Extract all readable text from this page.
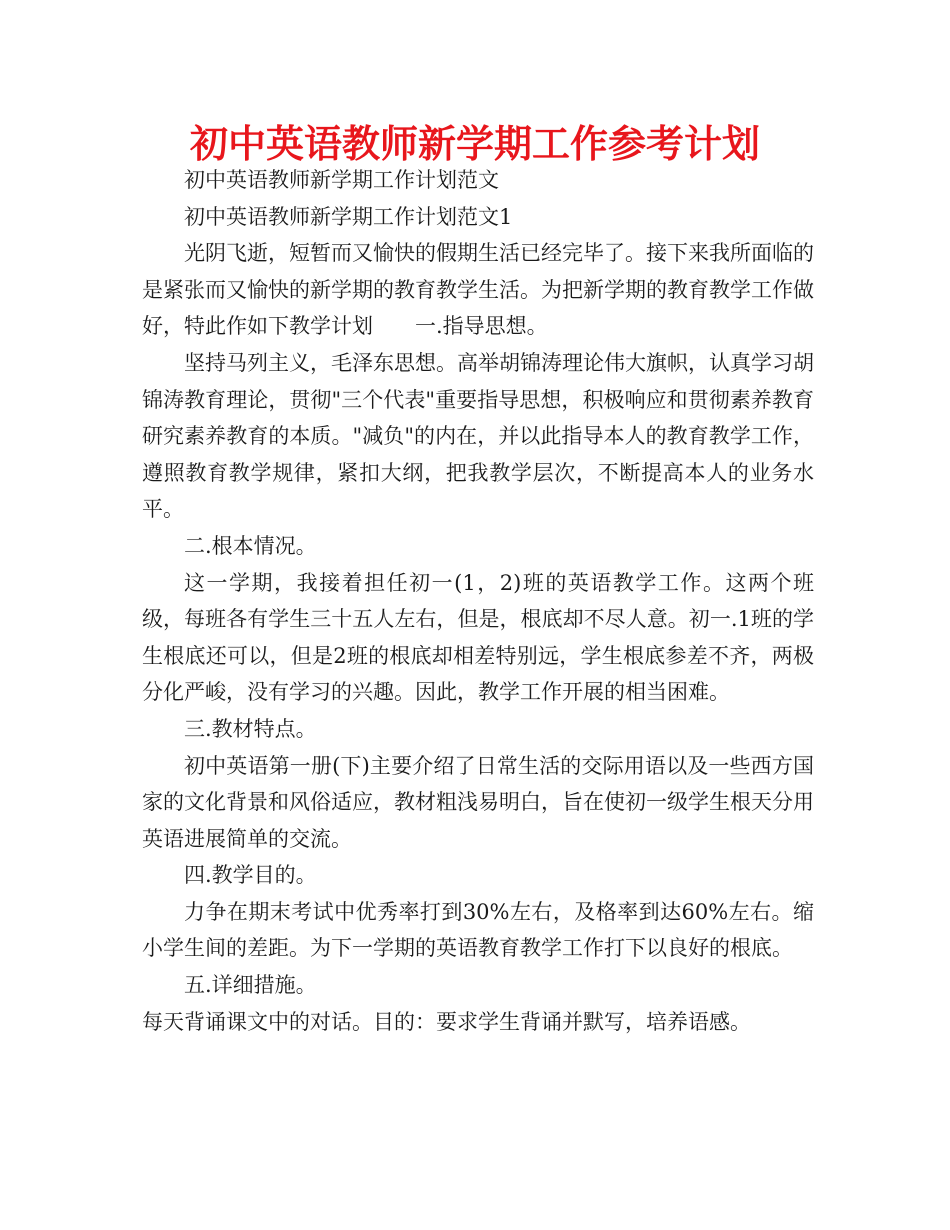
初中英语教师新学期工作参考计划

初中英语教师新学期工作计划范文

初中英语教师新学期工作计划范文1

光阴飞逝，短暂而又愉快的假期生活已经完毕了。接下来我所面临的是紧张而又愉快的新学期的教育教学生活。为把新学期的教育教学工作做好，特此作如下教学计划　　一.指导思想。

坚持马列主义，毛泽东思想。高举胡锦涛理论伟大旗帜，认真学习胡锦涛教育理论，贯彻"三个代表"重要指导思想，积极响应和贯彻素养教育研究素养教育的本质。"减负"的内在，并以此指导本人的教育教学工作，遵照教育教学规律，紧扣大纲，把我教学层次，不断提高本人的业务水平。

二.根本情况。

这一学期，我接着担任初一(1，2)班的英语教学工作。这两个班级，每班各有学生三十五人左右，但是，根底却不尽人意。初一.1班的学生根底还可以，但是2班的根底却相差特别远，学生根底参差不齐，两极分化严峻，没有学习的兴趣。因此，教学工作开展的相当困难。

三.教材特点。

初中英语第一册(下)主要介绍了日常生活的交际用语以及一些西方国家的文化背景和风俗适应，教材粗浅易明白，旨在使初一级学生根天分用英语进展简单的交流。

四.教学目的。

力争在期末考试中优秀率打到30%左右，及格率到达60%左右。缩小学生间的差距。为下一学期的英语教育教学工作打下以良好的根底。

五.详细措施。

每天背诵课文中的对话。目的：要求学生背诵并默写，培养语感。
